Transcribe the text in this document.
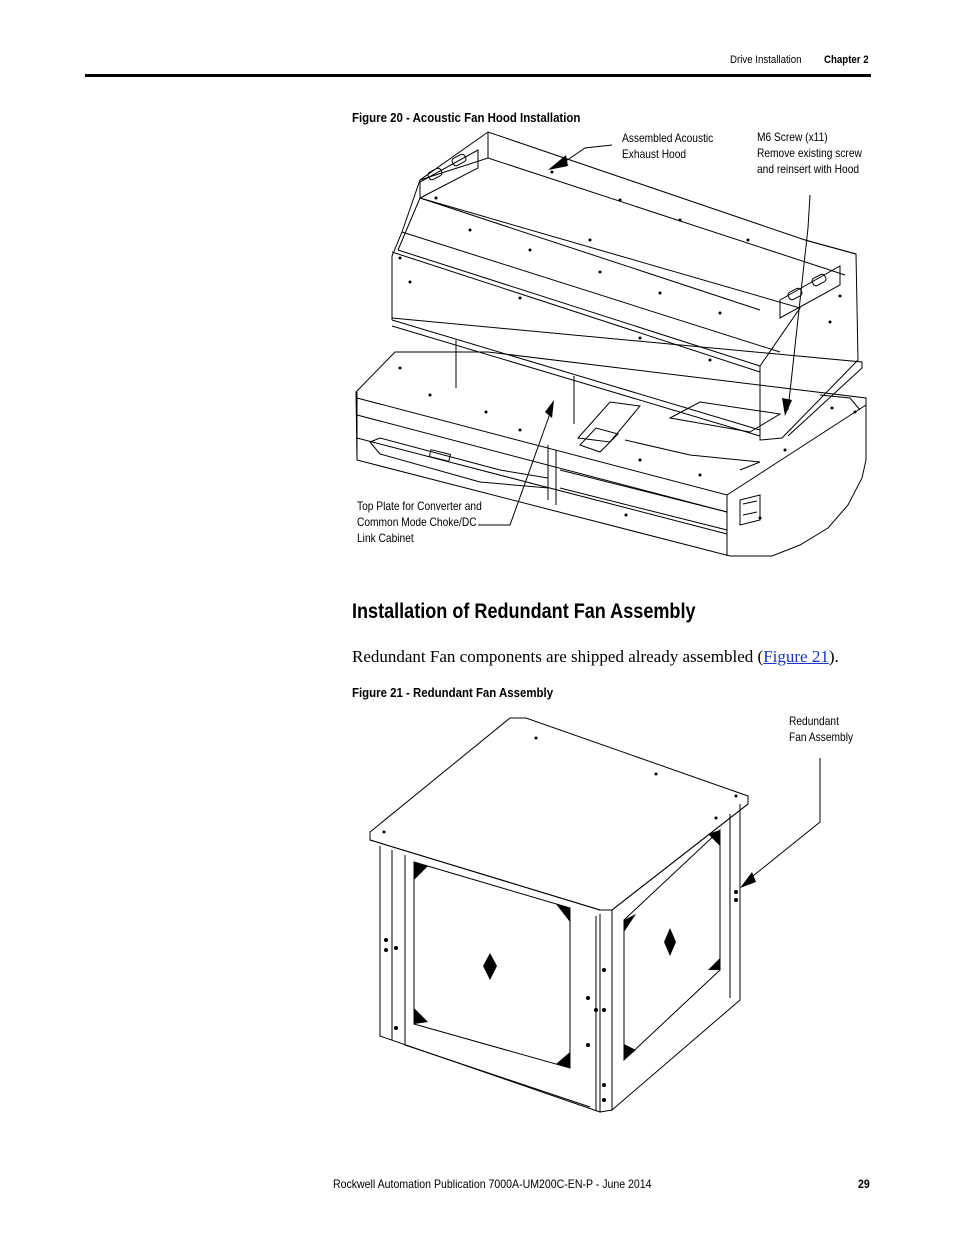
Drive Installation Chapter 2
Figure 20 - Acoustic Fan Hood Installation
Assembled Acoustic
Exhaust Hood
M6 Screw (x11)
Remove existing screw
and reinsert with Hood
Top Plate for Converter and
Common Mode Choke/DC
Link Cabinet
Installation of Redundant Fan Assembly
Redundant Fan components are shipped already assembled (Figure 21).
Figure 21 - Redundant Fan Assembly
Redundant
Fan Assembly
Rockwell Automation Publication 7000A-UM200C-EN-P - June 2014	29
